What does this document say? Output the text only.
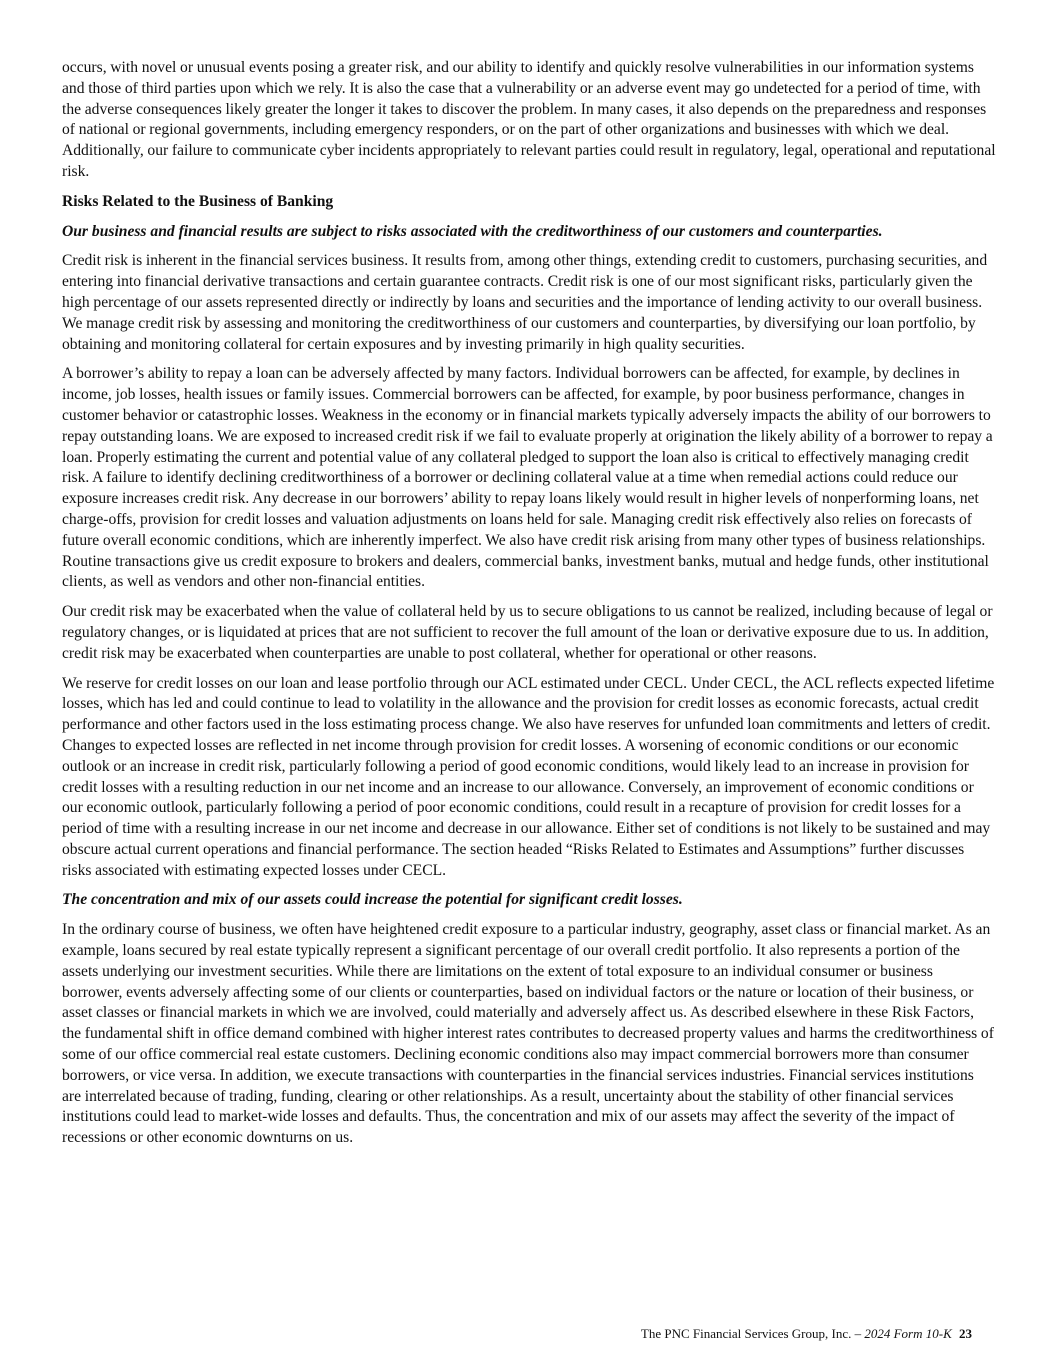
occurs, with novel or unusual events posing a greater risk, and our ability to identify and quickly resolve vulnerabilities in our information systems and those of third parties upon which we rely. It is also the case that a vulnerability or an adverse event may go undetected for a period of time, with the adverse consequences likely greater the longer it takes to discover the problem. In many cases, it also depends on the preparedness and responses of national or regional governments, including emergency responders, or on the part of other organizations and businesses with which we deal. Additionally, our failure to communicate cyber incidents appropriately to relevant parties could result in regulatory, legal, operational and reputational risk.

Risks Related to the Business of Banking

Our business and financial results are subject to risks associated with the creditworthiness of our customers and counterparties.

Credit risk is inherent in the financial services business. It results from, among other things, extending credit to customers, purchasing securities, and entering into financial derivative transactions and certain guarantee contracts. Credit risk is one of our most significant risks, particularly given the high percentage of our assets represented directly or indirectly by loans and securities and the importance of lending activity to our overall business. We manage credit risk by assessing and monitoring the creditworthiness of our customers and counterparties, by diversifying our loan portfolio, by obtaining and monitoring collateral for certain exposures and by investing primarily in high quality securities.

A borrower’s ability to repay a loan can be adversely affected by many factors. Individual borrowers can be affected, for example, by declines in income, job losses, health issues or family issues. Commercial borrowers can be affected, for example, by poor business performance, changes in customer behavior or catastrophic losses. Weakness in the economy or in financial markets typically adversely impacts the ability of our borrowers to repay outstanding loans. We are exposed to increased credit risk if we fail to evaluate properly at origination the likely ability of a borrower to repay a loan. Properly estimating the current and potential value of any collateral pledged to support the loan also is critical to effectively managing credit risk. A failure to identify declining creditworthiness of a borrower or declining collateral value at a time when remedial actions could reduce our exposure increases credit risk. Any decrease in our borrowers’ ability to repay loans likely would result in higher levels of nonperforming loans, net charge-offs, provision for credit losses and valuation adjustments on loans held for sale. Managing credit risk effectively also relies on forecasts of future overall economic conditions, which are inherently imperfect. We also have credit risk arising from many other types of business relationships. Routine transactions give us credit exposure to brokers and dealers, commercial banks, investment banks, mutual and hedge funds, other institutional clients, as well as vendors and other non-financial entities.

Our credit risk may be exacerbated when the value of collateral held by us to secure obligations to us cannot be realized, including because of legal or regulatory changes, or is liquidated at prices that are not sufficient to recover the full amount of the loan or derivative exposure due to us. In addition, credit risk may be exacerbated when counterparties are unable to post collateral, whether for operational or other reasons.

We reserve for credit losses on our loan and lease portfolio through our ACL estimated under CECL. Under CECL, the ACL reflects expected lifetime losses, which has led and could continue to lead to volatility in the allowance and the provision for credit losses as economic forecasts, actual credit performance and other factors used in the loss estimating process change. We also have reserves for unfunded loan commitments and letters of credit. Changes to expected losses are reflected in net income through provision for credit losses. A worsening of economic conditions or our economic outlook or an increase in credit risk, particularly following a period of good economic conditions, would likely lead to an increase in provision for credit losses with a resulting reduction in our net income and an increase to our allowance. Conversely, an improvement of economic conditions or our economic outlook, particularly following a period of poor economic conditions, could result in a recapture of provision for credit losses for a period of time with a resulting increase in our net income and decrease in our allowance. Either set of conditions is not likely to be sustained and may obscure actual current operations and financial performance. The section headed “Risks Related to Estimates and Assumptions” further discusses risks associated with estimating expected losses under CECL.

The concentration and mix of our assets could increase the potential for significant credit losses.

In the ordinary course of business, we often have heightened credit exposure to a particular industry, geography, asset class or financial market. As an example, loans secured by real estate typically represent a significant percentage of our overall credit portfolio. It also represents a portion of the assets underlying our investment securities. While there are limitations on the extent of total exposure to an individual consumer or business borrower, events adversely affecting some of our clients or counterparties, based on individual factors or the nature or location of their business, or asset classes or financial markets in which we are involved, could materially and adversely affect us. As described elsewhere in these Risk Factors, the fundamental shift in office demand combined with higher interest rates contributes to decreased property values and harms the creditworthiness of some of our office commercial real estate customers. Declining economic conditions also may impact commercial borrowers more than consumer borrowers, or vice versa. In addition, we execute transactions with counterparties in the financial services industries. Financial services institutions are interrelated because of trading, funding, clearing or other relationships. As a result, uncertainty about the stability of other financial services institutions could lead to market-wide losses and defaults. Thus, the concentration and mix of our assets may affect the severity of the impact of recessions or other economic downturns on us.

The PNC Financial Services Group, Inc. – 2024 Form 10-K 23
